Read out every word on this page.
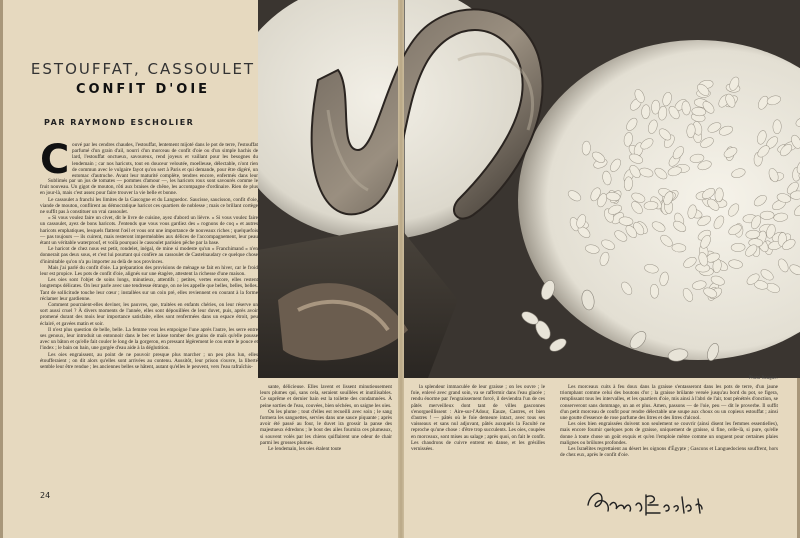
ESTOUFFAT, CASSOULET
CONFIT D'OIE
PAR RAYMOND ESCHOLIER
C ouvé par les cendres chaudes, l'estouffat, lentement mijoté dans le pot de terre, l'estouffat parfumé d'un grain d'ail, nourri d'un morceau de confit d'oie ou d'un simple hachis de lard, l'estouffat onctueux, savoureux, rend joyeux et vaillant pour les besognes du lendemain ; car nos haricots, tout en douceur veloutée, moelleuse, délectable, n'ont rien de commun avec le vulgaire fayot qu'on sert à Paris et qui demande, pour être digéré, un estomac d'autruche. Avant leur maturité complète, tendres encore, enfermés dans leur

Sublimés par un jus de tomates — pommes d'amour —, les haricots roux sont savourés comme le fruit nouveau. Un gigot de mouton, rôti aux braises de chêne, les accompagne d'ordinaire. Rien de plus en jour-là, mais c'est assez pour faire trouver la vie belle et bonne.

Le cassoulet a franchi les limites de la Gascogne et du Languedoc. Saucisse, saucisson, confit d'oie, viande de mouton, conflirent au démocratique haricot ces quartiers de noblesse ; mais ce brillant cortège ne suffit pas à constituer un vrai cassoulet.

« Si vous voulez faire un civet, dit le livre de cuisine, ayez d'abord un lièvre. » Si vous voulez faire un cassoulet, ayez de bons haricots. J'entends que vous vous gardiez des « rognons de coq » et autres haricots emphatiques, lesquels flattent l'œil et vous ont une importance de nouveaux riches ; quelquefois — pas toujours — ils cuirent, mais resteront imperméables aux délices de l'accompagnement, leur peau étant un véritable waterproof, et voilà pourquoi le cassoulet parisien pêche par la base.

Le haricot de chez nous est petit, rondelet, inégal, de mine si modeste qu'un « Franchimand » n'en donnerait pas deux sous, et c'est lui pourtant qui confère au cassoulet de Castelnaudary ce quelque chose d'inimitable qu'on n'a pu importer au delà de nos provinces.

Mais j'ai parlé du confit d'oie. La préparation des provisions de ménage se fait en hiver, car le froid leur est propice. Les pots de confit d'oie, alignés sur une étagère, attestent la richesse d'une maison.

Les oies sont l'objet de soins longs, minutieux, attentifs ; petites, vertes encore, elles restent longtemps délicates. On leur parle avec une tendresse étrange, on ne les appelle que belles, belles, belles. Tant de sollicitude touche leur cœur ; installées sur un coin pré, elles reviennent en courant à la forme réclamer leur gardienne.

Comment pourraient-elles deviner, les pauvres, que, traitées en enfants chéries, on leur réserve un sort aussi cruel ? À divers moments de l'année, elles sont dépouillées de leur duvet, puis, après avoir promené durant des mois leur importance satisfaite, elles sont renfermées dans un espace étroit, peu éclairé, et gavées matin et soir.

Il n'est plus question de belle, belle. La femme vous les empoigne l'une après l'autre, les serre entre ses genoux, leur introduit un entonnoir dans le bec et laisse tomber des grains de maïs qu'elle pousse avec un bâton et qu'elle fait couler le long de la gorgeron, en pressant légèrement le cou entre le pouce et l'index ; le bain on bain, une gorgée d'eau aide à la déglutition.

Les oies engraissent, au point de ne pouvoir presque plus marcher ; un peu plus lun, elles étoufferaient ; on dit alors qu'elles sont arrivées au contenu. Aussitôt, leur prison s'ouvre, la liberté semble leur être rendue ; les anciennes belles se hâtent, autant qu'elles le peuvent, vers l'eau rafraîchis-

Photo Rougue.

sante, délicieuse. Elles lavent et lissent minutieusement leurs plumes qui, sans cela, seraient souillées et inutilisables. Ce suprême et dernier bain est la toilette des condamnées. À peine sorties de l'eau, couvées, bien séchées, on saigne les oies.

On les plume ; tout d'elles est recueilli avec soin ; le sang formera les sanguettes, servies dans une sauce piquante ; après avoir été passé au four, le duvet ira grossir la panse des majestueux édredons ; le bout des ailes fournira ces plumeaux, si souvent volés par les chiens quiflairent une odeur de chair parmi les grosses plumes.

Le lendemain, les oies étalent toute

la splendeur immaculée de leur graisse ; on les ouvre ; le foie, enlevé avec grand soin, va se raffermir dans l'eau glacée ; rendu énorme par l'engraissement forcé, il deviendra l'un de ces pâtés merveilleux dont tant de villes gasconnes s'enorgueillissent : Aire-sur-l'Adour, Eauze, Castres, et bien d'autres ! — pâtés où le foie demeure intact, avec tous ses vaisseaux et sans nul adjuvant, pâtés auxquels la Faculté ne reproche qu'une chose : d'être trop succulents. Les oies, coupées en morceaux, sont mises au salage ; après quoi, on fait le confit. Les chaudrons de cuivre entrent en danse, et les grésilles vernissées.

Les morceaux cuits à feu doux dans la graisse s'entasseront dans les pots de terre, d'un jaune triomphant comme celui des boutons d'or ; la graisse brûlante versée jusqu'au bord du pot, se figera, remplissant tous les intervalles, et les quartiers d'oie, mis ainsi à l'abri de l'air, tout pénétrés d'onction, se conserveront sans dommage, un an et plus. Amen, passons — de l'oie, peu — dit le proverbe. Il suffit d'un petit morceau de confit pour rendre délectable une soupe aux choux ou un copieux estouffat ; ainsi une goutte d'essence de rose parfume des litres et des litres d'alcool.

Les oies bien engraissées doivent non seulement se couvrir (ainsi disent les femmes essentielles), mais encore fournir quelques pots de graisse, uniquement de graisse, si fine, celle-là, si pure, qu'elle donne à toute chose un goût exquis et qu'en l'emploie même comme un onguent pour certaines plaies malignes ou brûlures profondes.

Les Israélites regrettaient au désert les oignons d'Égypte ; Gascons et Languedociens souffrent, hors de chez eux, après le confit d'oie.

24
